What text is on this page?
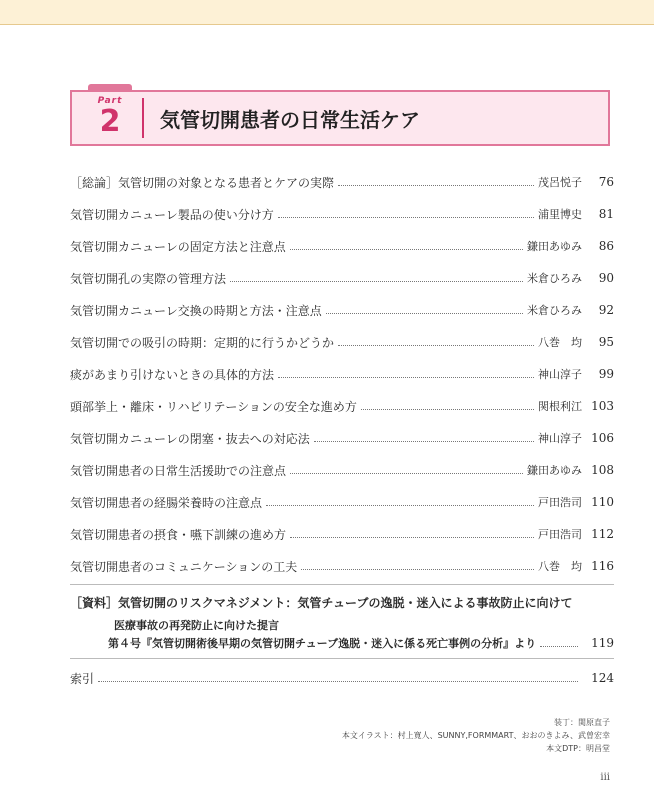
Part
2	気管切開患者の日常生活ケア
［総論］気管切開の対象となる患者とケアの実際	茂呂悦子	76
気管切開カニューレ製品の使い分け方	浦里博史	81
気管切開カニューレの固定方法と注意点	鎌田あゆみ	86
気管切開孔の実際の管理方法	米倉ひろみ	90
気管切開カニューレ交換の時期と方法・注意点	米倉ひろみ	92
気管切開での吸引の時期：定期的に行うかどうか	八巻　均	95
痰があまり引けないときの具体的方法	神山淳子	99
頭部挙上・離床・リハビリテーションの安全な進め方	関根利江 103
気管切開カニューレの閉塞・抜去への対応法	神山淳子 106
気管切開患者の日常生活援助での注意点	鎌田あゆみ 108
気管切開患者の経腸栄養時の注意点	戸田浩司 110
気管切開患者の摂食・嚥下訓練の進め方	戸田浩司 112
気管切開患者のコミュニケーションの工夫	八巻　均 116
［資料］気管切開のリスクマネジメント：気管チューブの逸脱・迷入による事故防止に向けて
医療事故の再発防止に向けた提言
第４号『気管切開術後早期の気管切開チューブ逸脱・迷入に係る死亡事例の分析』より	119
索引	124
装丁：関原直子
本文イラスト：村上寛人、SUNNY,FORMMART、おおのきよみ、武曽宏幸
本文DTP：明昌堂
iii
